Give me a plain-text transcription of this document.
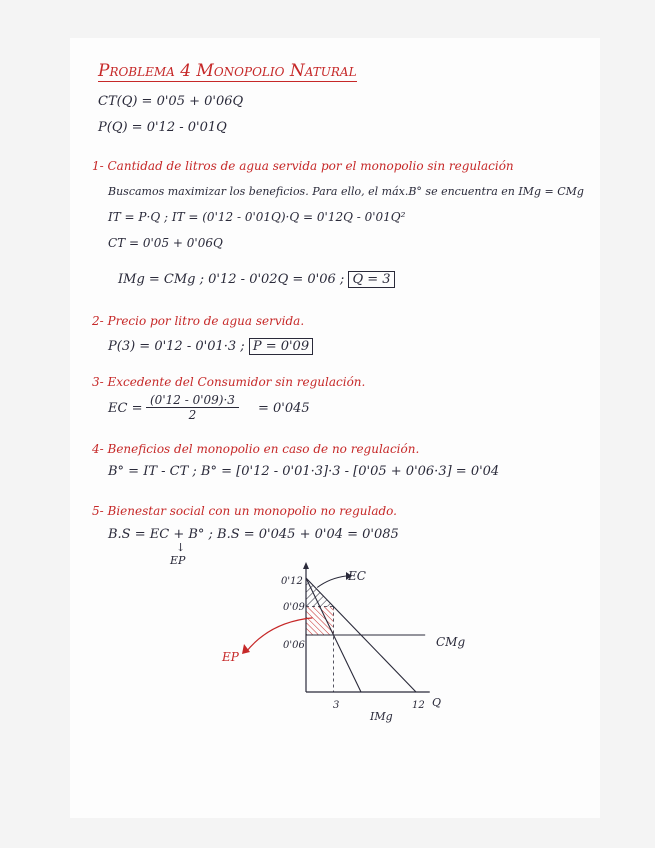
Problema 4 Monopolio Natural
CT(Q) = 0'05 + 0'06Q
P(Q) = 0'12 - 0'01Q
1- Cantidad de litros de agua servida por el monopolio sin regulación
Buscamos maximizar los beneficios. Para ello, el máx.B° se encuentra en IMg = CMg
IT = P·Q ; IT = (0'12 - 0'01Q)·Q = 0'12Q - 0'01Q²
CT = 0'05 + 0'06Q
IMg = CMg ; 0'12 - 0'02Q = 0'06 ; Q = 3
2- Precio por litro de agua servida.
P(3) = 0'12 - 0'01·3 ; P = 0'09
3- Excedente del Consumidor sin regulación.
EC = $\frac{(0'12 - 0'09)\cdot 3}{2} = 0'045$
4- Beneficios del monopolio en caso de no regulación.
B° = IT - CT ; B° = [0'12 - 0'01·3]·3 - [0'05 + 0'06·3] = 0'04
5- Bienestar social con un monopolio no regulado.
B.S = EC + B° ; B.S = 0'045 + 0'04 = 0'085
↓
EP
EC
EP
CMg
IMg
Q
0'12
0'09
0'06
3	12
